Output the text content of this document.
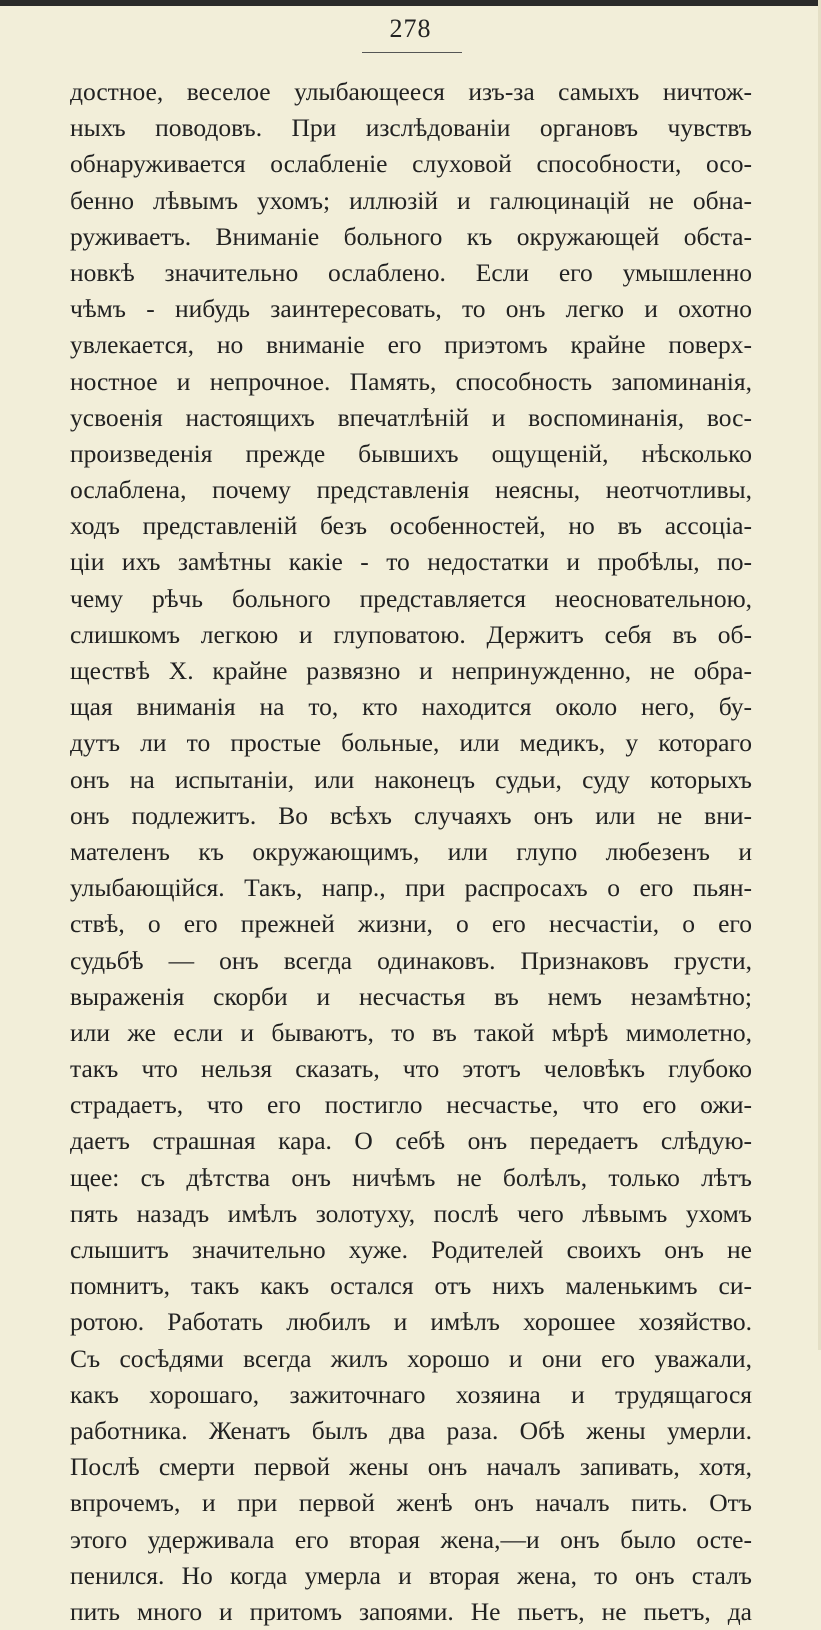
278
достное, веселое улыбающееся изъ-за самыхъ ничтож-
ныхъ поводовъ. При изслѣдованіи органовъ чувствъ
обнаруживается ослабленіе слуховой способности, осо-
бенно лѣвымъ ухомъ; иллюзій и галюцинацій не обна-
руживаетъ. Вниманіе больного къ окружающей обста-
новкѣ значительно ослаблено. Если его умышленно
чѣмъ - нибудь заинтересовать, то онъ легко и охотно
увлекается, но вниманіе его приэтомъ крайне поверх-
ностное и непрочное. Память, способность запоминанія,
усвоенія настоящихъ впечатлѣній и воспоминанія, вос-
произведенія прежде бывшихъ ощущеній, нѣсколько
ослаблена, почему представленія неясны, неотчотливы,
ходъ представленій безъ особенностей, но въ ассоціа-
ціи ихъ замѣтны какіе - то недостатки и пробѣлы, по-
чему рѣчь больного представляется неосновательною,
слишкомъ легкою и глуповатою. Держитъ себя въ об-
ществѣ X. крайне развязно и непринужденно, не обра-
щая вниманія на то, кто находится около него, бу-
дутъ ли то простые больные, или медикъ, у котораго
онъ на испытаніи, или наконецъ судьи, суду которыхъ
онъ подлежитъ. Во всѣхъ случаяхъ онъ или не вни-
мателенъ къ окружающимъ, или глупо любезенъ и
улыбающійся. Такъ, напр., при распросахъ о его пьян-
ствѣ, о его прежней жизни, о его несчастіи, о его
судьбѣ — онъ всегда одинаковъ. Признаковъ грусти,
выраженія скорби и несчастья въ немъ незамѣтно;
или же если и бываютъ, то въ такой мѣрѣ мимолетно,
такъ что нельзя сказать, что этотъ человѣкъ глубоко
страдаетъ, что его постигло несчастье, что его ожи-
даетъ страшная кара. О себѣ онъ передаетъ слѣдую-
щее: съ дѣтства онъ ничѣмъ не болѣлъ, только лѣтъ
пять назадъ имѣлъ золотуху, послѣ чего лѣвымъ ухомъ
слышитъ значительно хуже. Родителей своихъ онъ не
помнитъ, такъ какъ остался отъ нихъ маленькимъ си-
ротою. Работать любилъ и имѣлъ хорошее хозяйство.
Съ сосѣдями всегда жилъ хорошо и они его уважали,
какъ хорошаго, зажиточнаго хозяина и трудящагося
работника. Женатъ былъ два раза. Обѣ жены умерли.
Послѣ смерти первой жены онъ началъ запивать, хотя,
впрочемъ, и при первой женѣ онъ началъ пить. Отъ
этого удерживала его вторая жена,—и онъ было осте-
пенился. Но когда умерла и вторая жена, то онъ сталъ
пить много и притомъ запоями. Не пьетъ, не пьетъ, да
